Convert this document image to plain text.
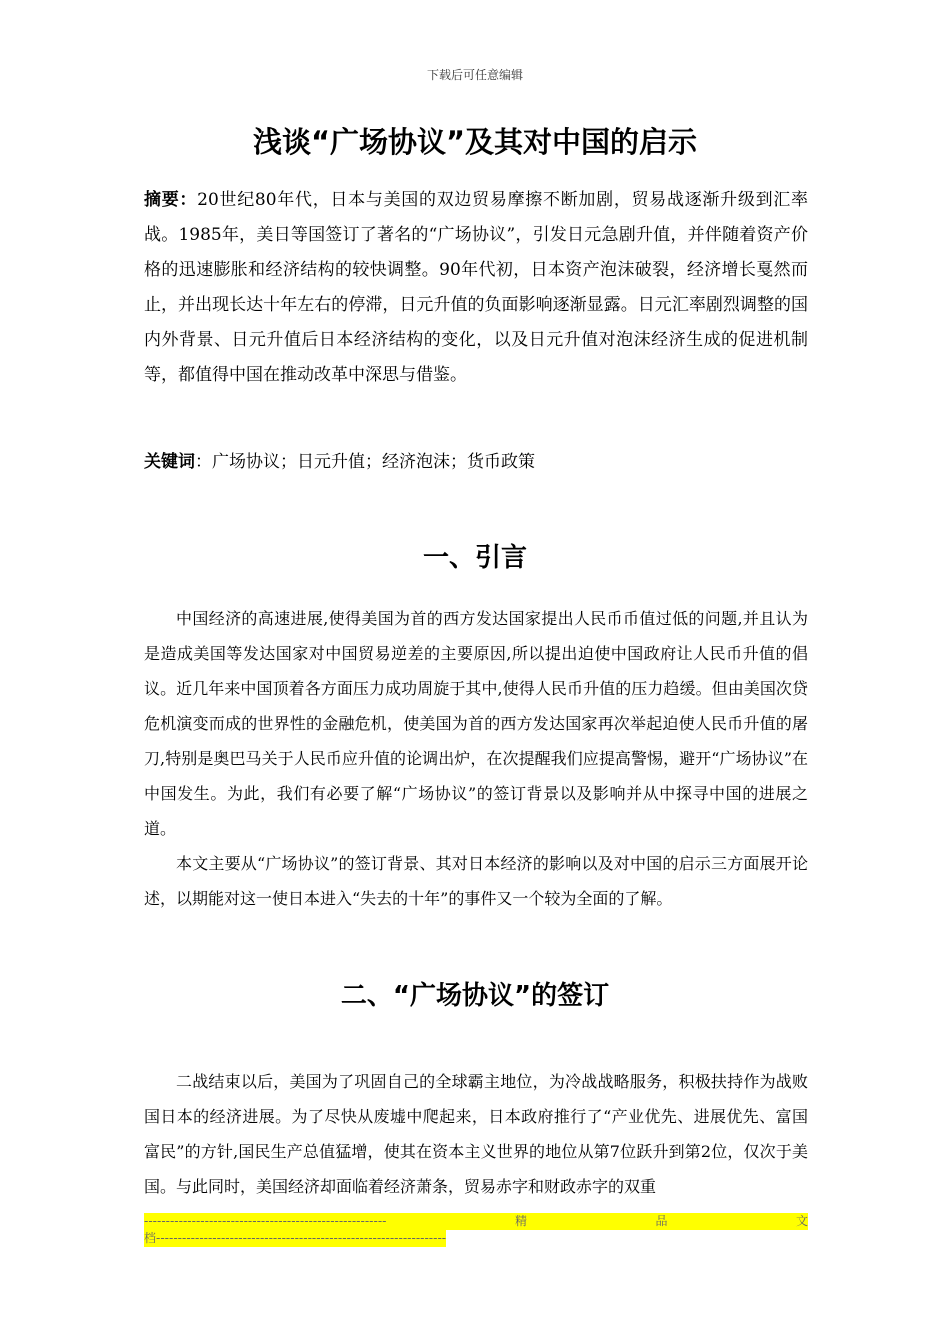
下载后可任意编辑
浅谈“广场协议”及其对中国的启示
摘要：20世纪80年代，日本与美国的双边贸易摩擦不断加剧，贸易战逐渐升级到汇率战。1985年，美日等国签订了著名的“广场协议”，引发日元急剧升值，并伴随着资产价格的迅速膨胀和经济结构的较快调整。90年代初，日本资产泡沫破裂，经济增长戛然而止，并出现长达十年左右的停滞，日元升值的负面影响逐渐显露。日元汇率剧烈调整的国内外背景、日元升值后日本经济结构的变化，以及日元升值对泡沫经济生成的促进机制等，都值得中国在推动改革中深思与借鉴。
关键词：广场协议；日元升值；经济泡沫；货币政策
一、引言

中国经济的高速进展,使得美国为首的西方发达国家提出人民币币值过低的问题,并且认为是造成美国等发达国家对中国贸易逆差的主要原因,所以提出迫使中国政府让人民币升值的倡议。近几年来中国顶着各方面压力成功周旋于其中,使得人民币升值的压力趋缓。但由美国次贷危机演变而成的世界性的金融危机，使美国为首的西方发达国家再次举起迫使人民币升值的屠刀,特别是奥巴马关于人民币应升值的论调出炉，在次提醒我们应提高警惕，避开“广场协议”在中国发生。为此，我们有必要了解“广场协议”的签订背景以及影响并从中探寻中国的进展之道。

本文主要从“广场协议”的签订背景、其对日本经济的影响以及对中国的启示三方面展开论述，以期能对这一使日本进入“失去的十年”的事件又一个较为全面的了解。

二、“广场协议”的签订

二战结束以后，美国为了巩固自己的全球霸主地位，为冷战战略服务，积极扶持作为战败国日本的经济进展。为了尽快从废墟中爬起来，日本政府推行了“产业优先、进展优先、富国富民”的方针,国民生产总值猛增，使其在资本主义世界的地位从第7位跃升到第2位，仅次于美国。与此同时，美国经济却面临着经济萧条，贸易赤字和财政赤字的双重

--------------------------------------------------------	精	品	文
档-------------------------------------------------------------------
